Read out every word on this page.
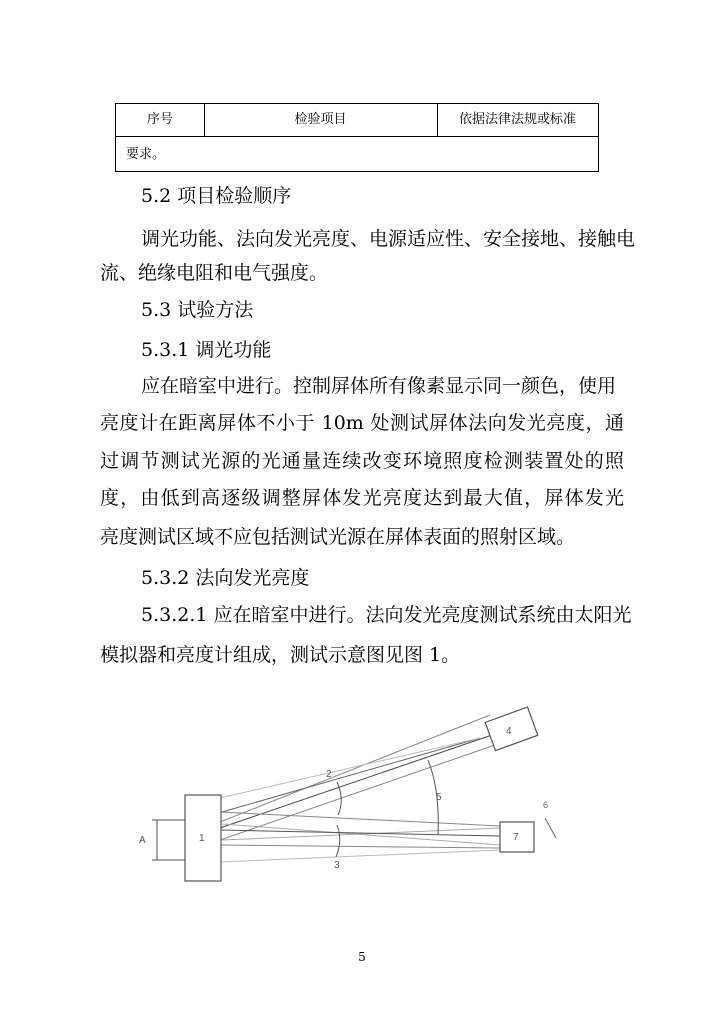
序号	检验项目	依据法律法规或标准
要求。
5.2 项目检验顺序
调光功能、法向发光亮度、电源适应性、安全接地、接触电
流、绝缘电阻和电气强度。
5.3 试验方法
5.3.1 调光功能
应在暗室中进行。控制屏体所有像素显示同一颜色，使用
亮度计在距离屏体不小于 10m 处测试屏体法向发光亮度，通
过调节测试光源的光通量连续改变环境照度检测装置处的照
度，由低到高逐级调整屏体发光亮度达到最大值，屏体发光
亮度测试区域不应包括测试光源在屏体表面的照射区域。
5.3.2 法向发光亮度
5.3.2.1 应在暗室中进行。法向发光亮度测试系统由太阳光
模拟器和亮度计组成，测试示意图见图 1。
6
A	1
2
3
4
5
7
5
